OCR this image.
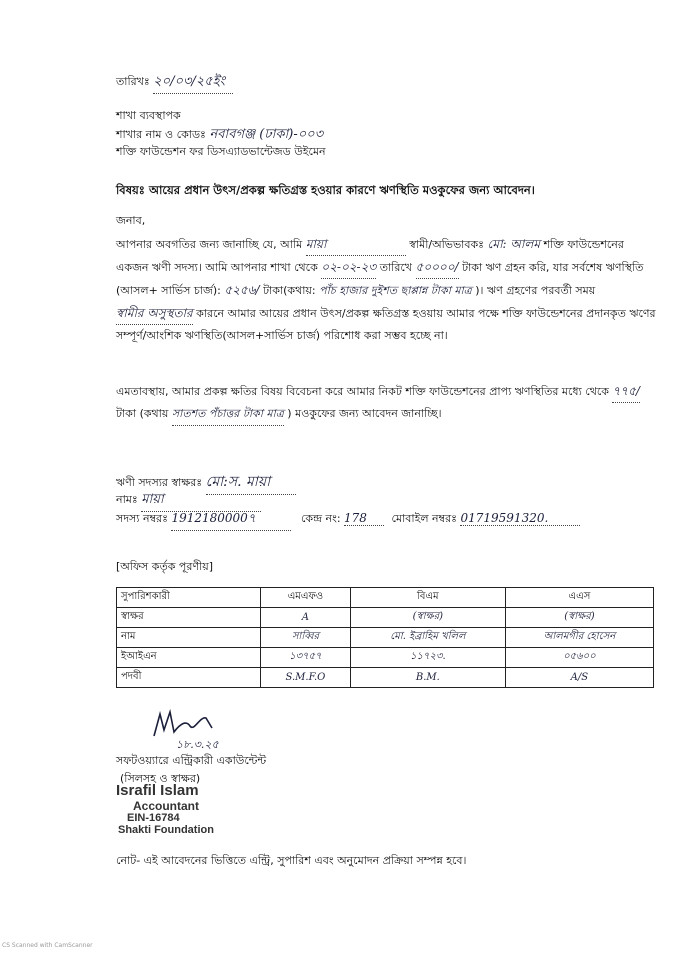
তারিখঃ ২০/০৩/২৫ইং
শাখা ব্যবস্থাপক
শাখার নাম ও কোডঃ নবাবগঞ্জ (ঢাকা)-০০৩
শক্তি ফাউন্ডেশন ফর ডিসএ্যাডভান্টেজড উইমেন
বিষয়ঃ আয়ের প্রধান উৎস/প্রকল্প ক্ষতিগ্রস্ত হওয়ার কারণে ঋণস্থিতি মওকুফের জন্য আবেদন।
জনাব,
আপনার অবগতির জন্য জানাচ্ছি যে, আমি মায়া	স্বামী/অভিভাবকঃ মো: আলম শক্তি ফাউন্ডেশনের একজন ঋণী সদস্য। আমি আপনার শাখা থেকে ০২-০২-২৩ তারিখে ৫০০০০/ টাকা ঋণ গ্রহন করি, যার সর্বশেষ ঋণস্থিতি (আসল+ সার্ভিস চার্জ): ৫২৫৬/ টাকা(কথায়: পাঁচ হাজার দুইশত ছাপ্পান্ন টাকা মাত্র )। ঋণ গ্রহণের পরবর্তী সময় স্বামীর অসুস্থতার কারনে আমার আয়ের প্রধান উৎস/প্রকল্প ক্ষতিগ্রস্ত হওয়ায় আমার পক্ষে শক্তি ফাউন্ডেশনের প্রদানকৃত ঋণের সম্পূর্ণ/আংশিক ঋণস্থিতি(আসল+সার্ভিস চার্জ) পরিশোধ করা সম্ভব হচ্ছে না।
এমতাবস্থায়, আমার প্রকল্প ক্ষতির বিষয় বিবেচনা করে আমার নিকট শক্তি ফাউন্ডেশনের প্রাপ্য ঋণস্থিতির মধ্যে থেকে ৭৭৫/ টাকা (কথায় সাতশত পঁচাত্তর টাকা মাত্র ) মওকুফের জন্য আবেদন জানাচ্ছি।
ঋণী সদস্যর স্বাক্ষরঃ মো:স. মায়া
নামঃ মায়া
সদস্য নম্বরঃ 1912180000৭	কেন্দ্র নং: 178 মোবাইল নম্বরঃ 01719591320.
[অফিস কর্তৃক পূরণীয়]
সুপারিশকারী	এমএফও	বিএম	এএস
স্বাক্ষর	A	(স্বাক্ষর)	(স্বাক্ষর)
নাম	সাব্বির	মো. ইব্রাহিম খলিল	আলমগীর হোসেন
ইআইএন	১৩৭৫৭	১১৭২৩.	০৫৬০০
পদবী	S.M.F.O	B.M.	A/S
১৮.৩.২৫
সফটওয়্যারে এন্ট্রিকারী একাউন্টেন্ট
(সিলসহ ও স্বাক্ষর)
Israfil Islam
Accountant
EIN-16784
Shakti Foundation
নোট- এই আবেদনের ভিত্তিতে এন্ট্রি, সুপারিশ এবং অনুমোদন প্রক্রিয়া সম্পন্ন হবে।
CS Scanned with CamScanner
